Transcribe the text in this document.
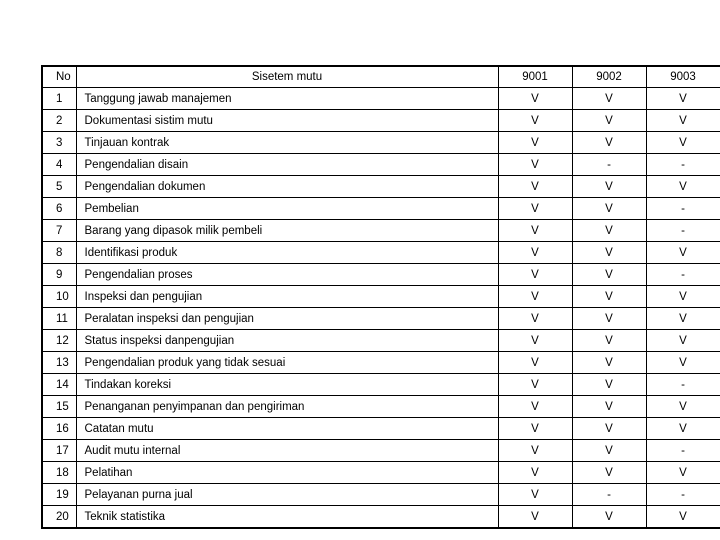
No	Sisetem mutu	9001	9002	9003
1	Tanggung jawab manajemen	V	V	V
2	Dokumentasi sistim mutu	V	V	V
3	Tinjauan kontrak	V	V	V
4	Pengendalian disain	V	-	-
5	Pengendalian dokumen	V	V	V
6	Pembelian	V	V	-
7	Barang yang dipasok milik pembeli	V	V	-
8	Identifikasi produk	V	V	V
9	Pengendalian proses	V	V	-
10	Inspeksi dan pengujian	V	V	V
11	Peralatan inspeksi dan pengujian	V	V	V
12	Status inspeksi danpengujian	V	V	V
13	Pengendalian produk yang tidak sesuai	V	V	V
14	Tindakan koreksi	V	V	-
15	Penanganan penyimpanan dan pengiriman	V	V	V
16	Catatan mutu	V	V	V
17	Audit mutu internal	V	V	-
18	Pelatihan	V	V	V
19	Pelayanan purna jual	V	-	-
20	Teknik statistika	V	V	V
